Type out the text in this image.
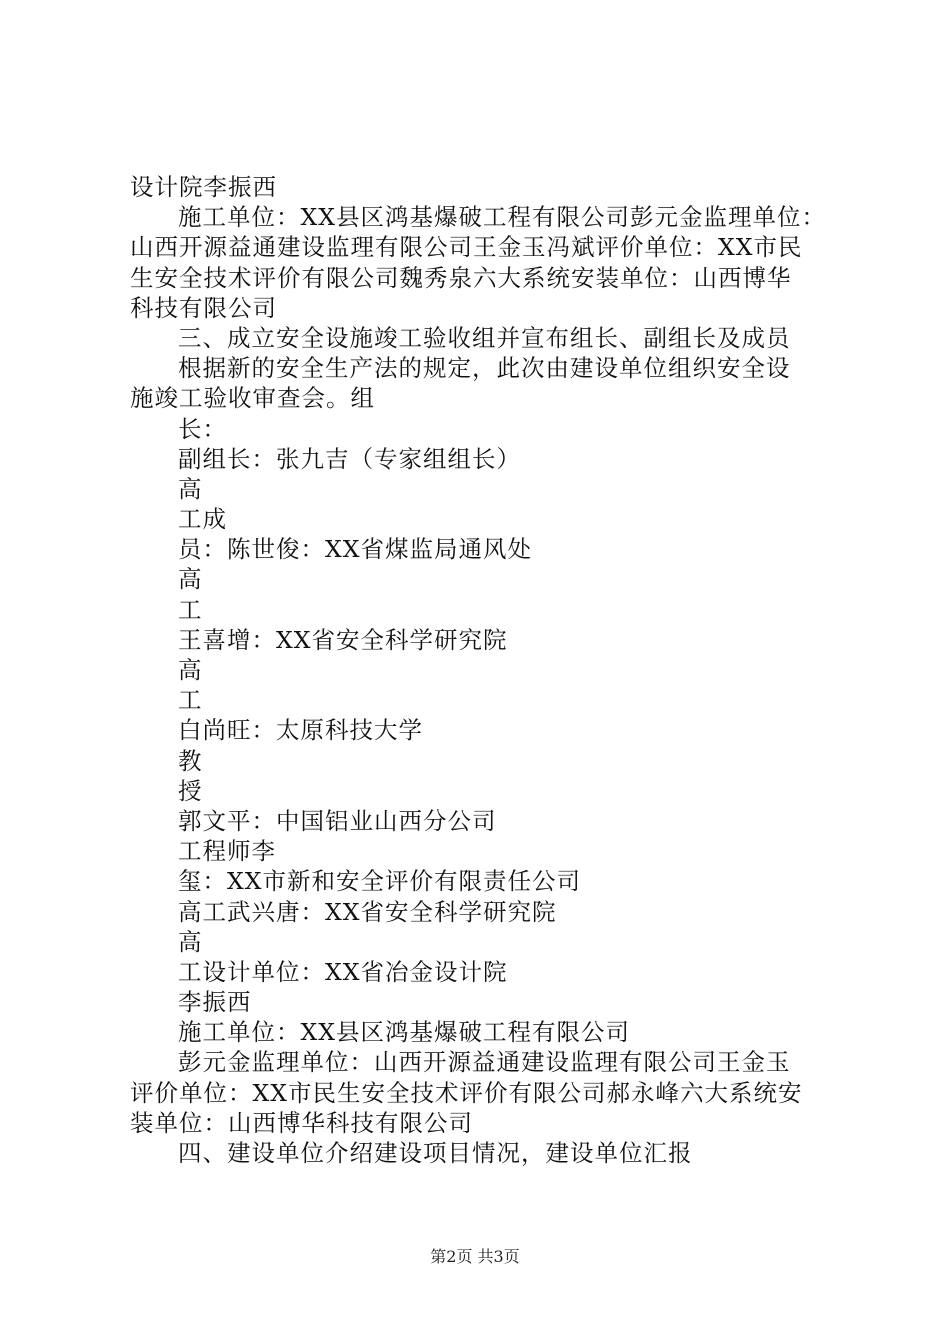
设计院李振西
施工单位：XX县区鸿基爆破工程有限公司彭元金监理单位：
山西开源益通建设监理有限公司王金玉冯斌评价单位：XX市民
生安全技术评价有限公司魏秀泉六大系统安装单位：山西博华
科技有限公司
三、成立安全设施竣工验收组并宣布组长、副组长及成员
根据新的安全生产法的规定，此次由建设单位组织安全设
施竣工验收审查会。组
长：
副组长：张九吉（专家组组长）
高
工成
员：陈世俊：XX省煤监局通风处
高
工
王喜增：XX省安全科学研究院
高
工
白尚旺：太原科技大学
教
授
郭文平：中国铝业山西分公司
工程师李
玺：XX市新和安全评价有限责任公司
高工武兴唐：XX省安全科学研究院
高
工设计单位：XX省冶金设计院
李振西
施工单位：XX县区鸿基爆破工程有限公司
彭元金监理单位：山西开源益通建设监理有限公司王金玉
评价单位：XX市民生安全技术评价有限公司郝永峰六大系统安
装单位：山西博华科技有限公司
四、建设单位介绍建设项目情况，建设单位汇报
第2页 共3页
